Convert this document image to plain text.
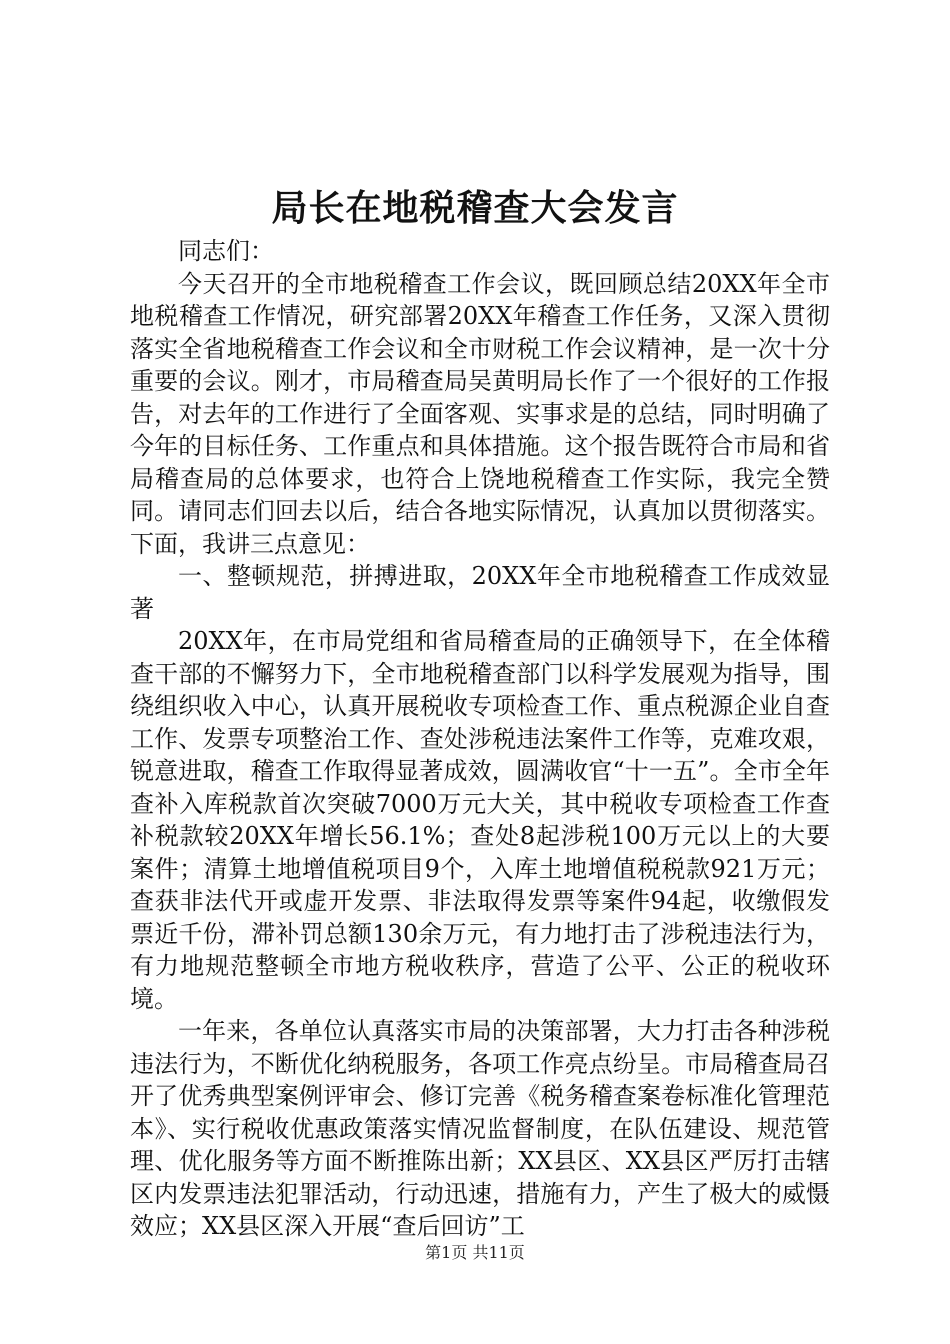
局长在地税稽查大会发言

同志们：

今天召开的全市地税稽查工作会议，既回顾总结20XX年全市地税稽查工作情况，研究部署20XX年稽查工作任务，又深入贯彻落实全省地税稽查工作会议和全市财税工作会议精神，是一次十分重要的会议。刚才，市局稽查局吴黄明局长作了一个很好的工作报告，对去年的工作进行了全面客观、实事求是的总结，同时明确了今年的目标任务、工作重点和具体措施。这个报告既符合市局和省局稽查局的总体要求，也符合上饶地税稽查工作实际，我完全赞同。请同志们回去以后，结合各地实际情况，认真加以贯彻落实。下面，我讲三点意见：

一、整顿规范，拼搏进取，20XX年全市地税稽查工作成效显著

20XX年，在市局党组和省局稽查局的正确领导下，在全体稽查干部的不懈努力下，全市地税稽查部门以科学发展观为指导，围绕组织收入中心，认真开展税收专项检查工作、重点税源企业自查工作、发票专项整治工作、查处涉税违法案件工作等，克难攻艰，锐意进取，稽查工作取得显著成效，圆满收官“十一五”。全市全年查补入库税款首次突破7000万元大关，其中税收专项检查工作查补税款较20XX年增长56.1%；查处8起涉税100万元以上的大要案件；清算土地增值税项目9个，入库土地增值税税款921万元；查获非法代开或虚开发票、非法取得发票等案件94起，收缴假发票近千份，滞补罚总额130余万元，有力地打击了涉税违法行为，有力地规范整顿全市地方税收秩序，营造了公平、公正的税收环境。

一年来，各单位认真落实市局的决策部署，大力打击各种涉税违法行为，不断优化纳税服务，各项工作亮点纷呈。市局稽查局召开了优秀典型案例评审会、修订完善《税务稽查案卷标准化管理范本》、实行税收优惠政策落实情况监督制度，在队伍建设、规范管理、优化服务等方面不断推陈出新；XX县区、XX县区严厉打击辖区内发票违法犯罪活动，行动迅速，措施有力，产生了极大的威慑效应；XX县区深入开展“查后回访”工

第1页 共11页
